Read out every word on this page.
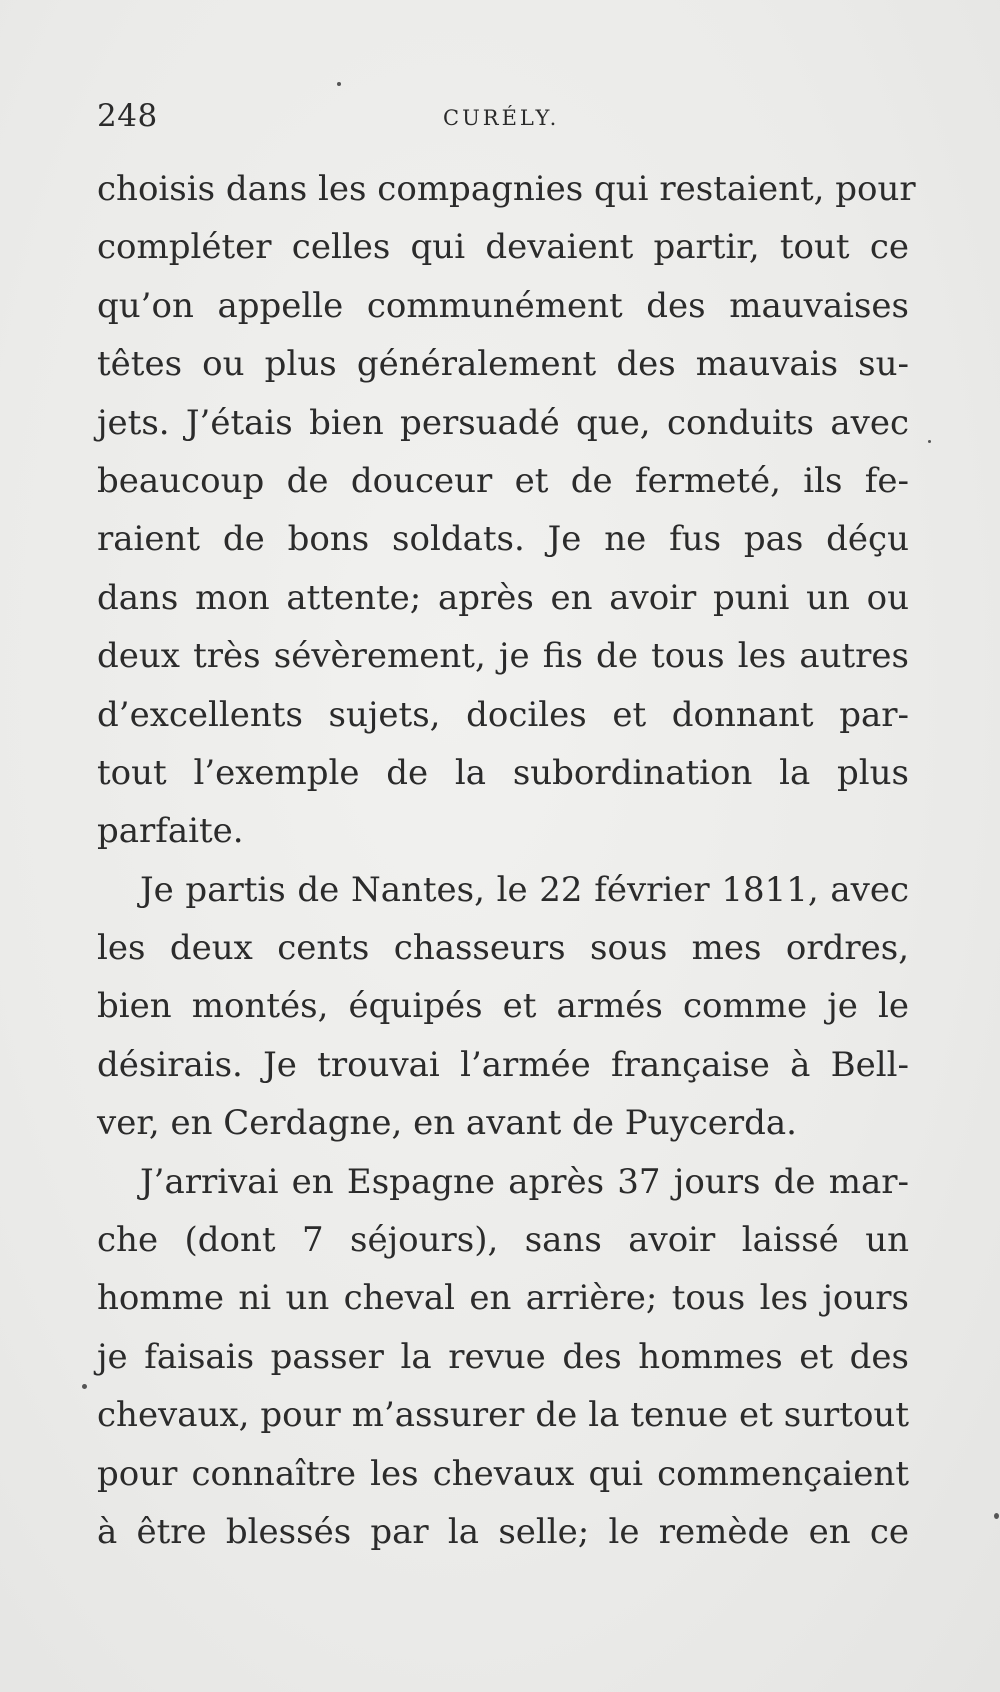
248	CURÉLY.
choisis dans les compagnies qui restaient, pour
compléter celles qui devaient partir, tout ce
qu’on appelle communément des mauvaises
têtes ou plus généralement des mauvais su-
jets. J’étais bien persuadé que, conduits avec
beaucoup de douceur et de fermeté, ils fe-
raient de bons soldats. Je ne fus pas déçu
dans mon attente; après en avoir puni un ou
deux très sévèrement, je fis de tous les autres
d’excellents sujets, dociles et donnant par-
tout l’exemple de la subordination la plus
parfaite.
Je partis de Nantes, le 22 février 1811, avec
les deux cents chasseurs sous mes ordres,
bien montés, équipés et armés comme je le
désirais. Je trouvai l’armée française à Bell-
ver, en Cerdagne, en avant de Puycerda.
J’arrivai en Espagne après 37 jours de mar-
che (dont 7 séjours), sans avoir laissé un
homme ni un cheval en arrière; tous les jours
je faisais passer la revue des hommes et des
chevaux, pour m’assurer de la tenue et surtout
pour connaître les chevaux qui commençaient
à être blessés par la selle; le remède en ce
